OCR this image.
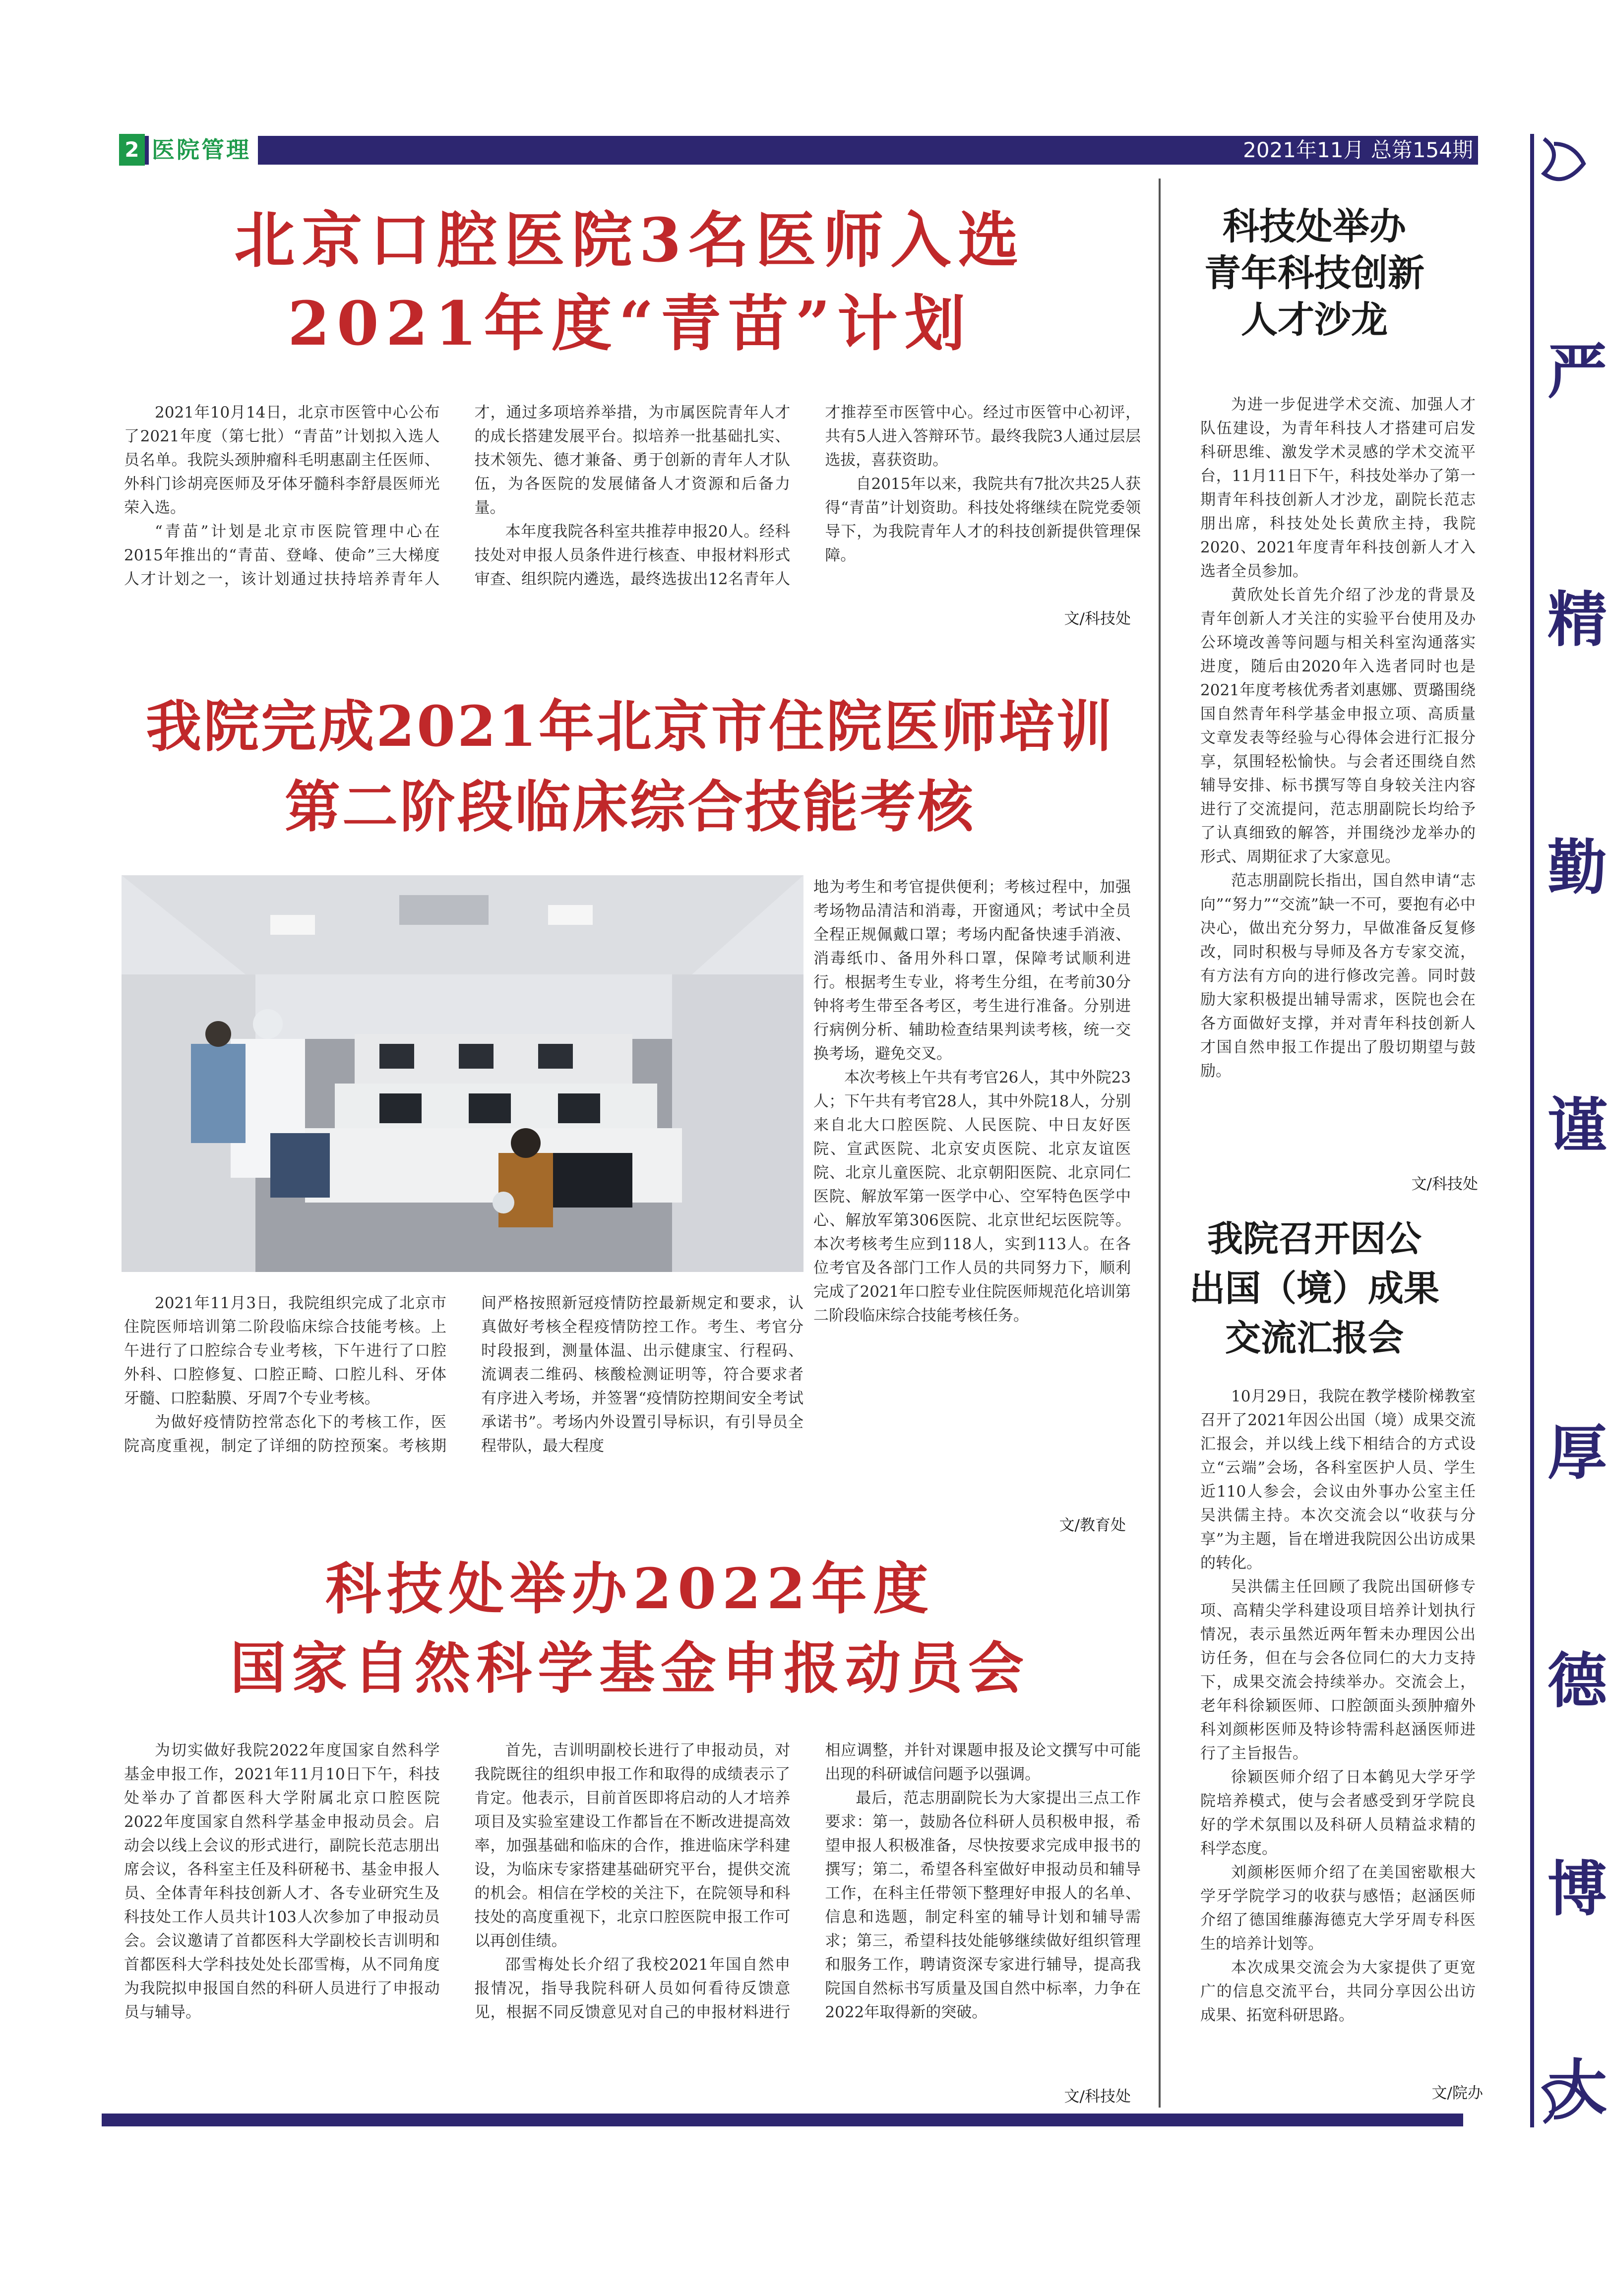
2 医院管理	2021年11月 总第154期
北京口腔医院3名医师入选
2021年度“青苗”计划

2021年10月14日，北京市医管中心公布了2021年度（第七批）“青苗”计划拟入选人员名单。我院头颈肿瘤科毛明惠副主任医师、外科门诊胡亮医师及牙体牙髓科李舒晨医师光荣入选。

“青苗”计划是北京市医院管理中心在2015年推出的“青苗、登峰、使命”三大梯度人才计划之一，该计划通过扶持培养青年人才，通过多项培养举措，为市属医院青年人才的成长搭建发展平台。拟培养一批基础扎实、技术领先、德才兼备、勇于创新的青年人才队伍，为各医院的发展储备人才资源和后备力量。

本年度我院各科室共推荐申报20人。经科技处对申报人员条件进行核查、申报材料形式审查、组织院内遴选，最终选拔出12名青年人才推荐至市医管中心。经过市医管中心初评，共有5人进入答辩环节。最终我院3人通过层层选拔，喜获资助。

自2015年以来，我院共有7批次共25人获得“青苗”计划资助。科技处将继续在院党委领导下，为我院青年人才的科技创新提供管理保障。

文/科技处
我院完成2021年北京市住院医师培训
第二阶段临床综合技能考核

2021年11月3日，我院组织完成了北京市住院医师培训第二阶段临床综合技能考核。上午进行了口腔综合专业考核，下午进行了口腔外科、口腔修复、口腔正畸、口腔儿科、牙体牙髓、口腔黏膜、牙周7个专业考核。

为做好疫情防控常态化下的考核工作，医院高度重视，制定了详细的防控预案。考核期间严格按照新冠疫情防控最新规定和要求，认真做好考核全程疫情防控工作。考生、考官分时段报到，测量体温、出示健康宝、行程码、流调表二维码、核酸检测证明等，符合要求者有序进入考场，并签署“疫情防控期间安全考试承诺书”。考场内外设置引导标识，有引导员全程带队，最大程度

地为考生和考官提供便利；考核过程中，加强考场物品清洁和消毒，开窗通风；考试中全员全程正规佩戴口罩；考场内配备快速手消液、消毒纸巾、备用外科口罩，保障考试顺利进行。根据考生专业，将考生分组，在考前30分钟将考生带至各考区，考生进行准备。分别进行病例分析、辅助检查结果判读考核，统一交换考场，避免交叉。

本次考核上午共有考官26人，其中外院23人；下午共有考官28人，其中外院18人，分别来自北大口腔医院、人民医院、中日友好医院、宣武医院、北京安贞医院、北京友谊医院、北京儿童医院、北京朝阳医院、北京同仁医院、解放军第一医学中心、空军特色医学中心、解放军第306医院、北京世纪坛医院等。本次考核考生应到118人，实到113人。在各位考官及各部门工作人员的共同努力下，顺利完成了2021年口腔专业住院医师规范化培训第二阶段临床综合技能考核任务。

文/教育处
科技处举办2022年度
国家自然科学基金申报动员会

为切实做好我院2022年度国家自然科学基金申报工作，2021年11月10日下午，科技处举办了首都医科大学附属北京口腔医院2022年度国家自然科学基金申报动员会。启动会以线上会议的形式进行，副院长范志朋出席会议，各科室主任及科研秘书、基金申报人员、全体青年科技创新人才、各专业研究生及科技处工作人员共计103人次参加了申报动员会。会议邀请了首都医科大学副校长吉训明和首都医科大学科技处处长邵雪梅，从不同角度为我院拟申报国自然的科研人员进行了申报动员与辅导。

首先，吉训明副校长进行了申报动员，对我院既往的组织申报工作和取得的成绩表示了肯定。他表示，目前首医即将启动的人才培养项目及实验室建设工作都旨在不断改进提高效率，加强基础和临床的合作，推进临床学科建设，为临床专家搭建基础研究平台，提供交流的机会。相信在学校的关注下，在院领导和科技处的高度重视下，北京口腔医院申报工作可以再创佳绩。

邵雪梅处长介绍了我校2021年国自然申报情况，指导我院科研人员如何看待反馈意见，根据不同反馈意见对自己的申报材料进行相应调整，并针对课题申报及论文撰写中可能出现的科研诚信问题予以强调。

最后，范志朋副院长为大家提出三点工作要求：第一，鼓励各位科研人员积极申报，希望申报人积极准备，尽快按要求完成申报书的撰写；第二，希望各科室做好申报动员和辅导工作，在科主任带领下整理好申报人的名单、信息和选题，制定科室的辅导计划和辅导需求；第三，希望科技处能够继续做好组织管理和服务工作，聘请资深专家进行辅导，提高我院国自然标书写质量及国自然中标率，力争在2022年取得新的突破。

文/科技处
科技处举办
青年科技创新
人才沙龙

为进一步促进学术交流、加强人才队伍建设，为青年科技人才搭建可启发科研思维、激发学术灵感的学术交流平台，11月11日下午，科技处举办了第一期青年科技创新人才沙龙，副院长范志朋出席，科技处处长黄欣主持，我院2020、2021年度青年科技创新人才入选者全员参加。

黄欣处长首先介绍了沙龙的背景及青年创新人才关注的实验平台使用及办公环境改善等问题与相关科室沟通落实进度，随后由2020年入选者同时也是2021年度考核优秀者刘惠娜、贾璐围绕国自然青年科学基金申报立项、高质量文章发表等经验与心得体会进行汇报分享，氛围轻松愉快。与会者还围绕自然辅导安排、标书撰写等自身较关注内容进行了交流提问，范志朋副院长均给予了认真细致的解答，并围绕沙龙举办的形式、周期征求了大家意见。

范志朋副院长指出，国自然申请“志向”“努力”“交流”缺一不可，要抱有必中决心，做出充分努力，早做准备反复修改，同时积极与导师及各方专家交流，有方法有方向的进行修改完善。同时鼓励大家积极提出辅导需求，医院也会在各方面做好支撑，并对青年科技创新人才国自然申报工作提出了殷切期望与鼓励。

文/科技处
我院召开因公
出国（境）成果
交流汇报会

10月29日，我院在教学楼阶梯教室召开了2021年因公出国（境）成果交流汇报会，并以线上线下相结合的方式设立“云端”会场，各科室医护人员、学生近110人参会，会议由外事办公室主任吴洪儒主持。本次交流会以“收获与分享”为主题，旨在增进我院因公出访成果的转化。

吴洪儒主任回顾了我院出国研修专项、高精尖学科建设项目培养计划执行情况，表示虽然近两年暂未办理因公出访任务，但在与会各位同仁的大力支持下，成果交流会持续举办。交流会上，老年科徐颖医师、口腔颌面头颈肿瘤外科刘颜彬医师及特诊特需科赵涵医师进行了主旨报告。

徐颖医师介绍了日本鹤见大学牙学院培养模式，使与会者感受到牙学院良好的学术氛围以及科研人员精益求精的科学态度。

刘颜彬医师介绍了在美国密歇根大学牙学院学习的收获与感悟；赵涵医师介绍了德国维藤海德克大学牙周专科医生的培养计划等。

本次成果交流会为大家提供了更宽广的信息交流平台，共同分享因公出访成果、拓宽科研思路。

文/院办
严
精
勤
谨
厚
德
博
大
